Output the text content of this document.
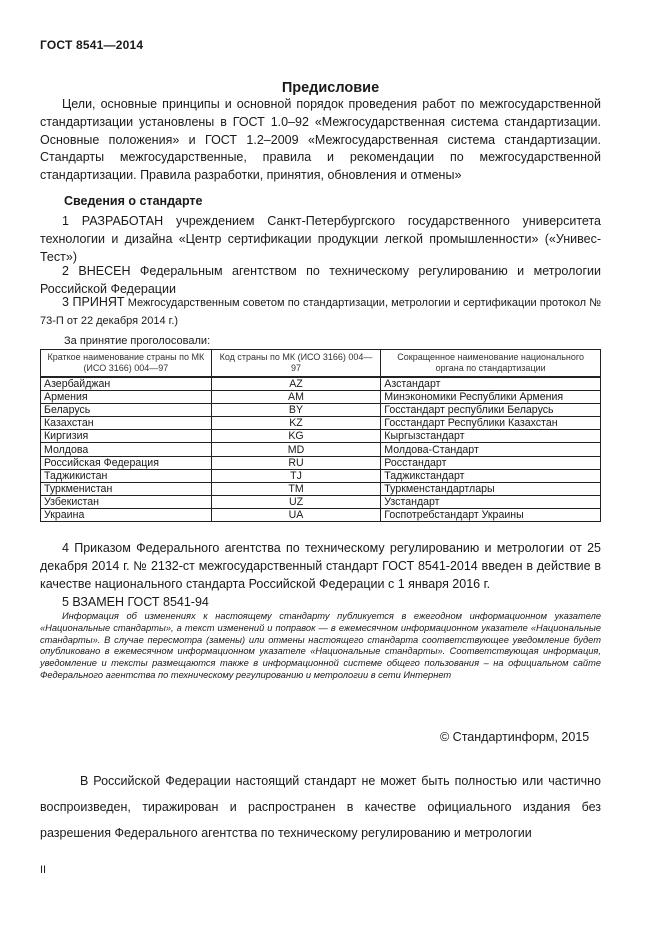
ГОСТ 8541—2014
Предисловие
Цели, основные принципы и основной порядок проведения работ по межгосударственной стандартизации установлены в ГОСТ 1.0–92 «Межгосударственная система стандартизации. Основные положения» и ГОСТ 1.2–2009 «Межгосударственная система стандартизации. Стандарты межгосударственные, правила и рекомендации по межгосударственной стандартизации. Правила разработки, принятия, обновления и отмены»
Сведения о стандарте
1 РАЗРАБОТАН учреждением Санкт-Петербургского государственного университета технологии и дизайна «Центр сертификации продукции легкой промышленности» («Унивес-Тест»)
2 ВНЕСЕН Федеральным агентством по техническому регулированию и метрологии Российской Федерации
3 ПРИНЯТ Межгосударственным советом по стандартизации, метрологии и сертификации протокол № 73-П от 22 декабря 2014 г.)
За принятие проголосовали:
Краткое наименование страны по МК (ИСО 3166) 004—97	Код страны по МК (ИСО 3166) 004—97	Сокращенное наименование национального органа по стандартизации
Азербайджан	AZ	Азстандарт
Армения	AM	Минэкономики Республики Армения
Беларусь	BY	Госстандарт республики Беларусь
Казахстан	KZ	Госстандарт Республики Казахстан
Киргизия	KG	Кыргызстандарт
Молдова	MD	Молдова-Стандарт
Российская Федерация	RU	Росстандарт
Таджикистан	TJ	Таджикстандарт
Туркменистан	TM	Туркменстандартлары
Узбекистан	UZ	Узстандарт
Украина	UA	Госпотребстандарт Украины
4 Приказом Федерального агентства по техническому регулированию и метрологии от 25 декабря 2014 г. № 2132-ст межгосударственный стандарт ГОСТ 8541-2014 введен в действие в качестве национального стандарта Российской Федерации с 1 января 2016 г.
5 ВЗАМЕН ГОСТ 8541-94
Информация об изменениях к настоящему стандарту публикуется в ежегодном информационном указателе «Национальные стандарты», а текст изменений и поправок — в ежемесячном информационном указателе «Национальные стандарты». В случае пересмотра (замены) или отмены настоящего стандарта соответствующее уведомление будет опубликовано в ежемесячном информационном указателе «Национальные стандарты». Соответствующая информация, уведомление и тексты размещаются также в информационной системе общего пользования – на официальном сайте Федерального агентства по техническому регулированию и метрологии в сети Интернет
© Стандартинформ, 2015
В Российской Федерации настоящий стандарт не может быть полностью или частично воспроизведен, тиражирован и распространен в качестве официального издания без разрешения Федерального агентства по техническому регулированию и метрологии
II
